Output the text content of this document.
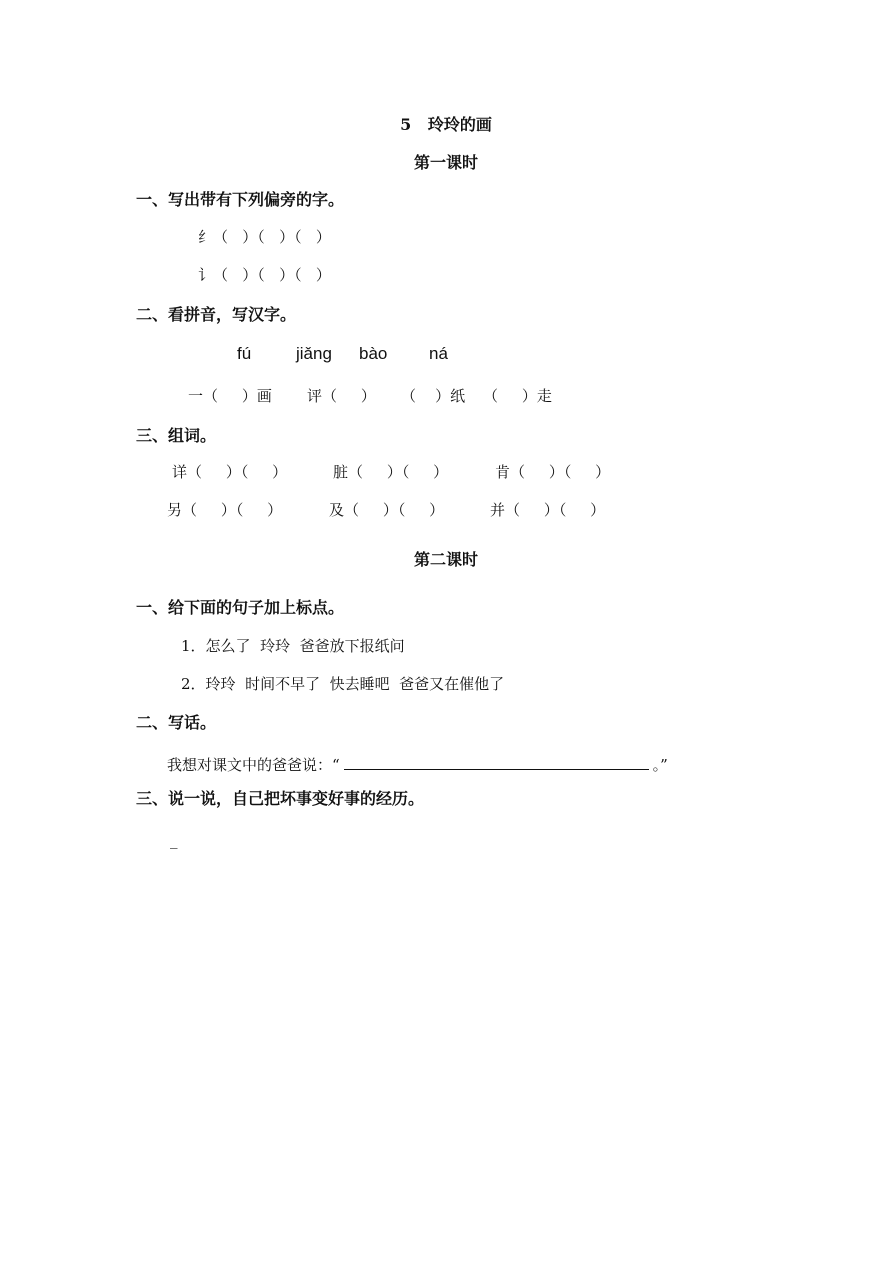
5   玲玲的画
第一课时
一、写出带有下列偏旁的字。
纟（   ）（   ）（   ）
讠（   ）（   ）（   ）
二、看拼音，写汉字。
fú	jiǎng bào ná
一（     ）画 评（     ） （    ）纸 （     ）走
三、组词。
详（     ）（     ）	脏（     ）（     ）	肯（     ）（     ）
另（     ）（     ）	及（     ）（     ）	并（     ）（     ）
第二课时
一、给下面的句子加上标点。
1．怎么了  玲玲  爸爸放下报纸问
2．玲玲  时间不早了  快去睡吧  爸爸又在催他了
二、写话。
我想对课文中的爸爸说：“	。”
三、说一说，自己把坏事变好事的经历。
_
